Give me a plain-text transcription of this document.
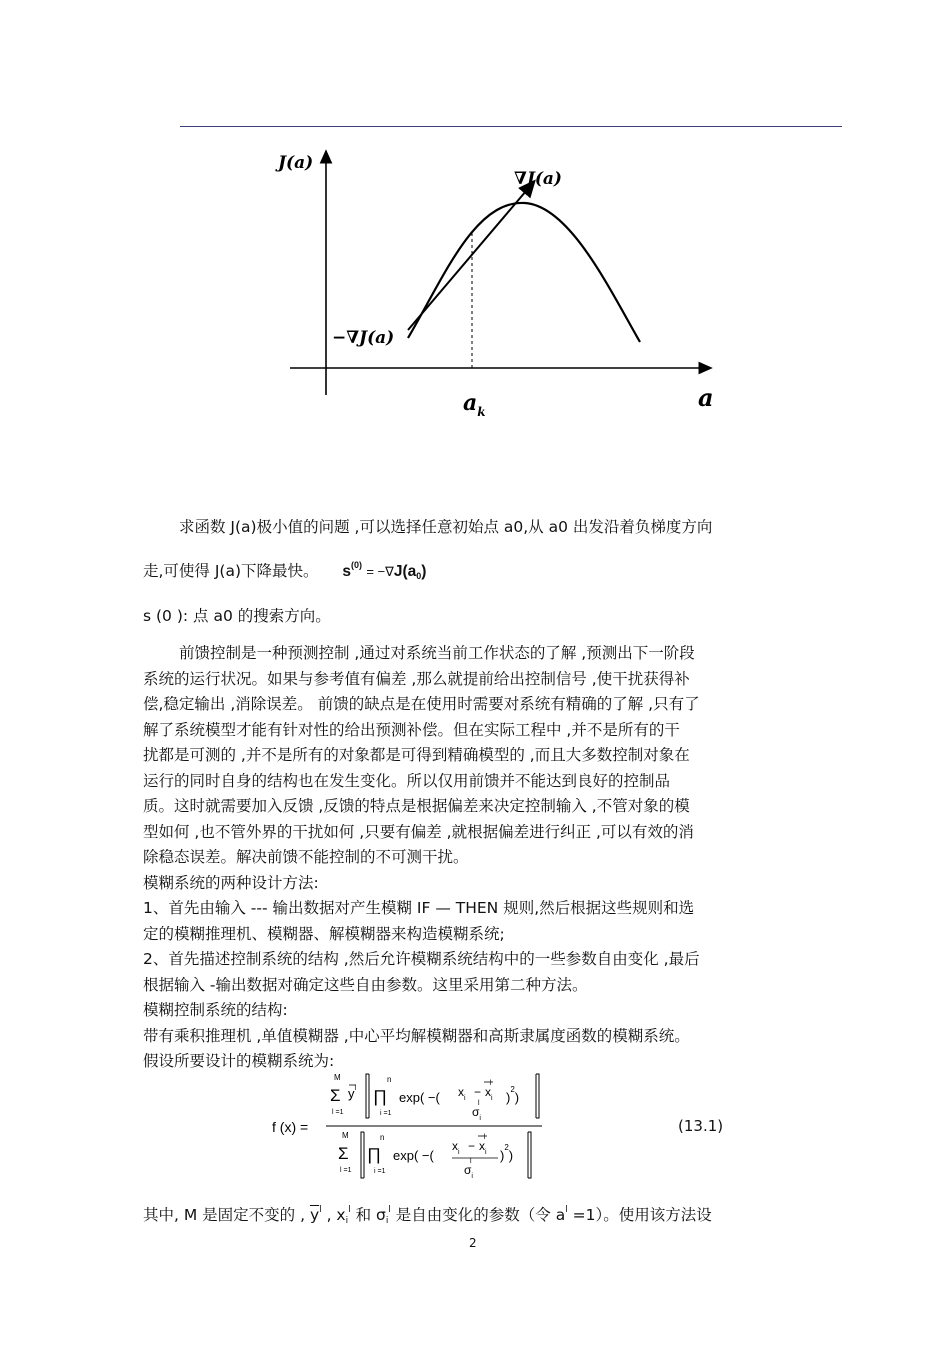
J(a)
∇J(a)
−∇J(a)
$a_k$	a
求函数 J(a)极小值的问题 ,可以选择任意初始点 a0,从 a0 出发沿着负梯度方向
走,可使得 J(a)下降最快。 $s^{(0)} = -\nabla J(a_0)$
s (0 ): 点 a0 的搜索方向。
前馈控制是一种预测控制 ,通过对系统当前工作状态的了解 ,预测出下一阶段
系统的运行状况。如果与参考值有偏差 ,那么就提前给出控制信号 ,使干扰获得补
偿,稳定输出 ,消除误差。 前馈的缺点是在使用时需要对系统有精确的了解 ,只有了
解了系统模型才能有针对性的给出预测补偿。但在实际工程中 ,并不是所有的干
扰都是可测的 ,并不是所有的对象都是可得到精确模型的 ,而且大多数控制对象在
运行的同时自身的结构也在发生变化。所以仅用前馈并不能达到良好的控制品
质。这时就需要加入反馈 ,反馈的特点是根据偏差来决定控制输入 ,不管对象的模
型如何 ,也不管外界的干扰如何 ,只要有偏差 ,就根据偏差进行纠正 ,可以有效的消
除稳态误差。解决前馈不能控制的不可测干扰。
模糊系统的两种设计方法:
1、首先由输入 --- 输出数据对产生模糊 IF — THEN 规则,然后根据这些规则和选
定的模糊推理机、模糊器、解模糊器来构造模糊系统;
2、首先描述控制系统的结构 ,然后允许模糊系统结构中的一些参数自由变化 ,最后
根据输入 -输出数据对确定这些自由参数。这里采用第二种方法。
模糊控制系统的结构:
带有乘积推理机 ,单值模糊器 ,中心平均解模糊器和高斯隶属度函数的模糊系统。
假设所要设计的模糊系统为:
f (x) =
M
Σ
l =1
$y^l$
n
∏
i =1
exp( −( $x_i - x_il$
$\sigma_il$ )$^2$)
M
Σ
l =1
n
∏
i =1
exp( −(
$x_i - x_il$
$\sigma_il$ )$^2$)
(13.1)
其中, M 是固定不变的 , $\overline{y}^l$ , $x_i^l$ 和 $\sigma_i^l$ 是自由变化的参数（令 $a^l =1$）。使用该方法设
2
